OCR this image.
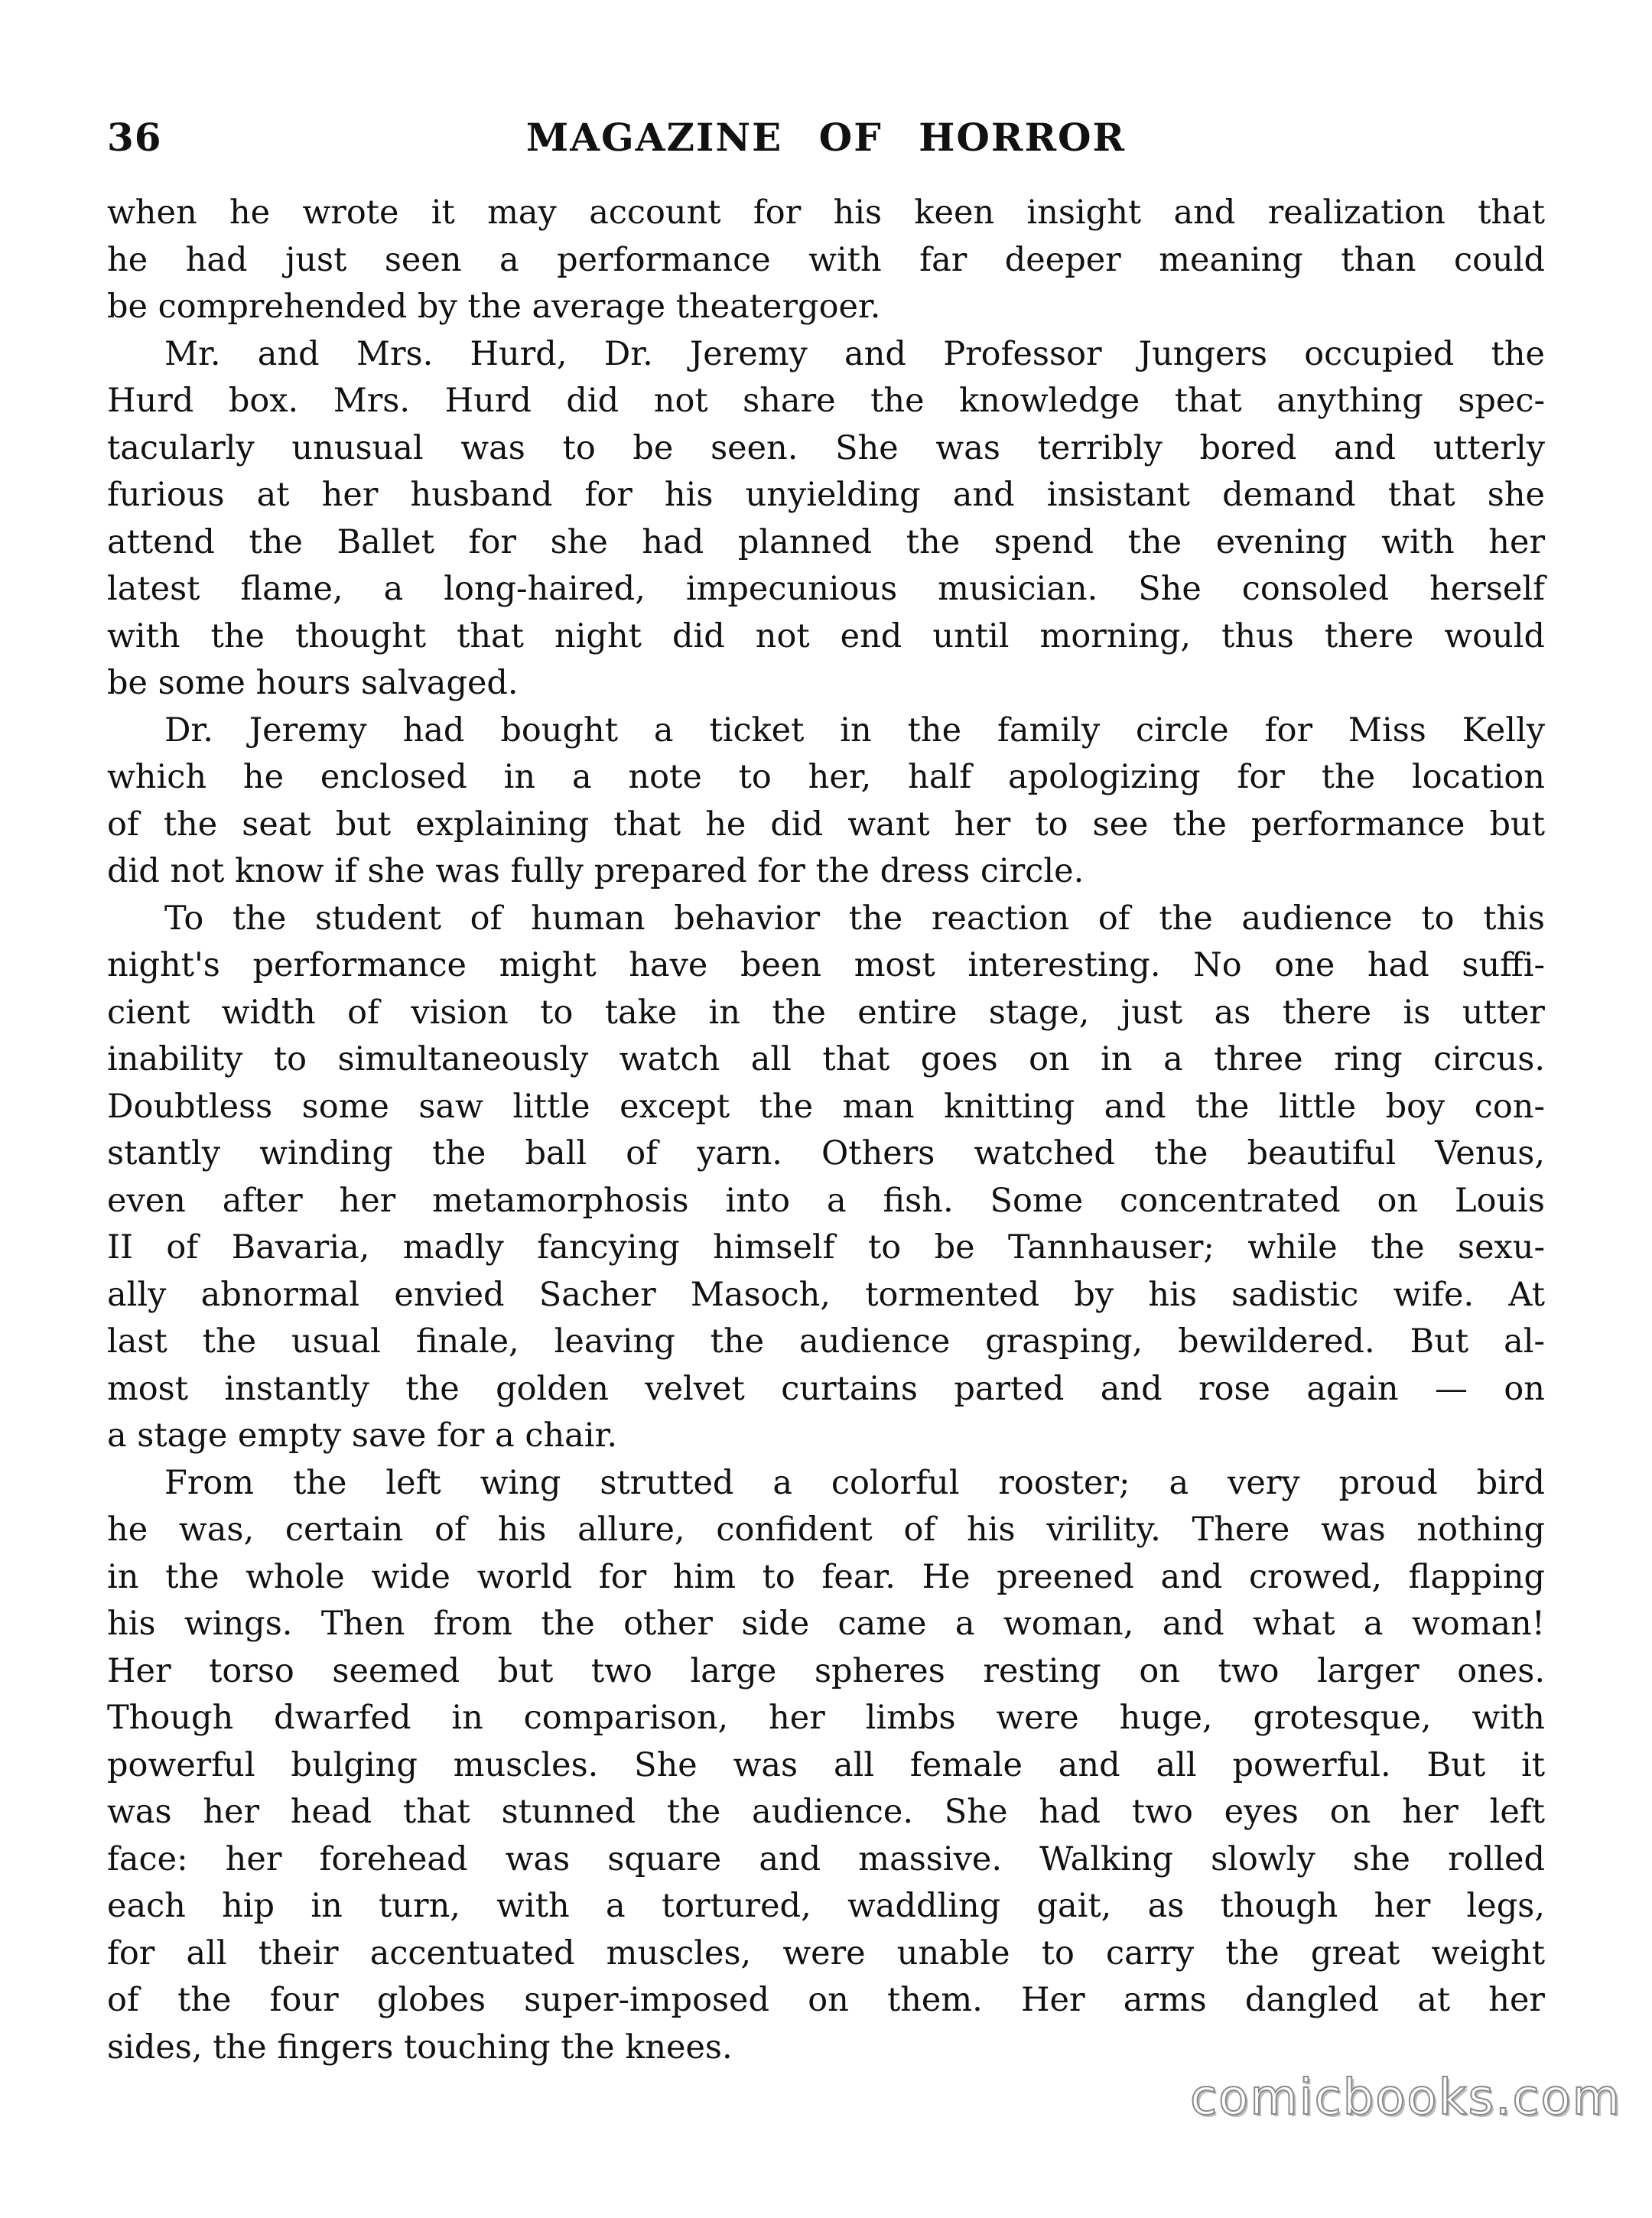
36	MAGAZINE OF HORROR
when he wrote it may account for his keen insight and realization that
he had just seen a performance with far deeper meaning than could
be comprehended by the average theatergoer.
Mr. and Mrs. Hurd, Dr. Jeremy and Professor Jungers occupied the
Hurd box. Mrs. Hurd did not share the knowledge that anything spec-
tacularly unusual was to be seen. She was terribly bored and utterly
furious at her husband for his unyielding and insistant demand that she
attend the Ballet for she had planned the spend the evening with her
latest flame, a long-haired, impecunious musician. She consoled herself
with the thought that night did not end until morning, thus there would
be some hours salvaged.
Dr. Jeremy had bought a ticket in the family circle for Miss Kelly
which he enclosed in a note to her, half apologizing for the location
of the seat but explaining that he did want her to see the performance but
did not know if she was fully prepared for the dress circle.
To the student of human behavior the reaction of the audience to this
night's performance might have been most interesting. No one had suffi-
cient width of vision to take in the entire stage, just as there is utter
inability to simultaneously watch all that goes on in a three ring circus.
Doubtless some saw little except the man knitting and the little boy con-
stantly winding the ball of yarn. Others watched the beautiful Venus,
even after her metamorphosis into a fish. Some concentrated on Louis
II of Bavaria, madly fancying himself to be Tannhauser; while the sexu-
ally abnormal envied Sacher Masoch, tormented by his sadistic wife. At
last the usual finale, leaving the audience grasping, bewildered. But al-
most instantly the golden velvet curtains parted and rose again — on
a stage empty save for a chair.
From the left wing strutted a colorful rooster; a very proud bird
he was, certain of his allure, confident of his virility. There was nothing
in the whole wide world for him to fear. He preened and crowed, flapping
his wings. Then from the other side came a woman, and what a woman!
Her torso seemed but two large spheres resting on two larger ones.
Though dwarfed in comparison, her limbs were huge, grotesque, with
powerful bulging muscles. She was all female and all powerful. But it
was her head that stunned the audience. She had two eyes on her left
face: her forehead was square and massive. Walking slowly she rolled
each hip in turn, with a tortured, waddling gait, as though her legs,
for all their accentuated muscles, were unable to carry the great weight
of the four globes super-imposed on them. Her arms dangled at her
sides, the fingers touching the knees.
comicbooks.com
